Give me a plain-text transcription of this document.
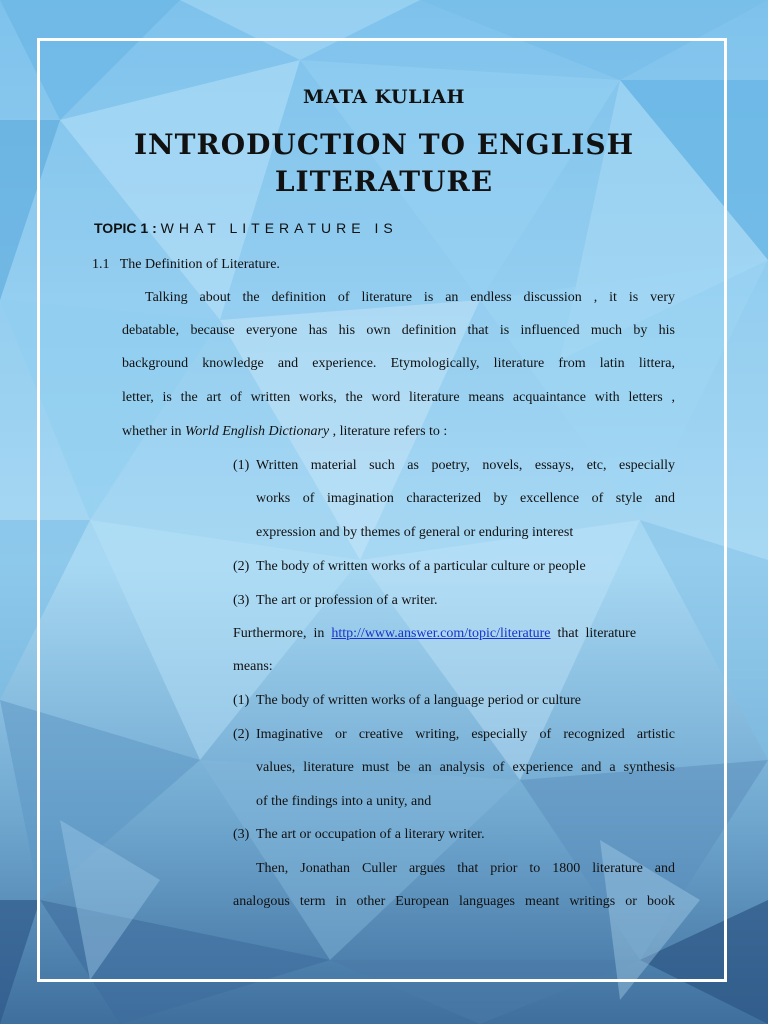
MATA KULIAH
INTRODUCTION TO ENGLISH
LITERATURE
TOPIC 1 : WHAT LITERATURE IS
1.1 The Definition of Literature.
Talking about the definition of literature is an endless discussion , it is very
debatable, because everyone has his own definition that is influenced much by his
background knowledge and experience. Etymologically, literature from latin littera,
letter, is the art of written works, the word literature means acquaintance with letters ,
whether in World English Dictionary , literature refers to :
(1) Written material such as poetry, novels, essays, etc, especially
works of imagination characterized by excellence of style and
expression and by themes of general or enduring interest
(2) The body of written works of a particular culture or people
(3) The art or profession of a writer.
Furthermore,  in  http://www.answer.com/topic/literature  that  literature
means:
(1) The body of written works of a language period or culture
(2) Imaginative or creative writing, especially of recognized artistic
values, literature must be an analysis of experience and a synthesis
of the findings into a unity, and
(3) The art or occupation of a literary writer.
Then, Jonathan Culler argues that prior to 1800 literature and
analogous term in other European languages meant writings or book
